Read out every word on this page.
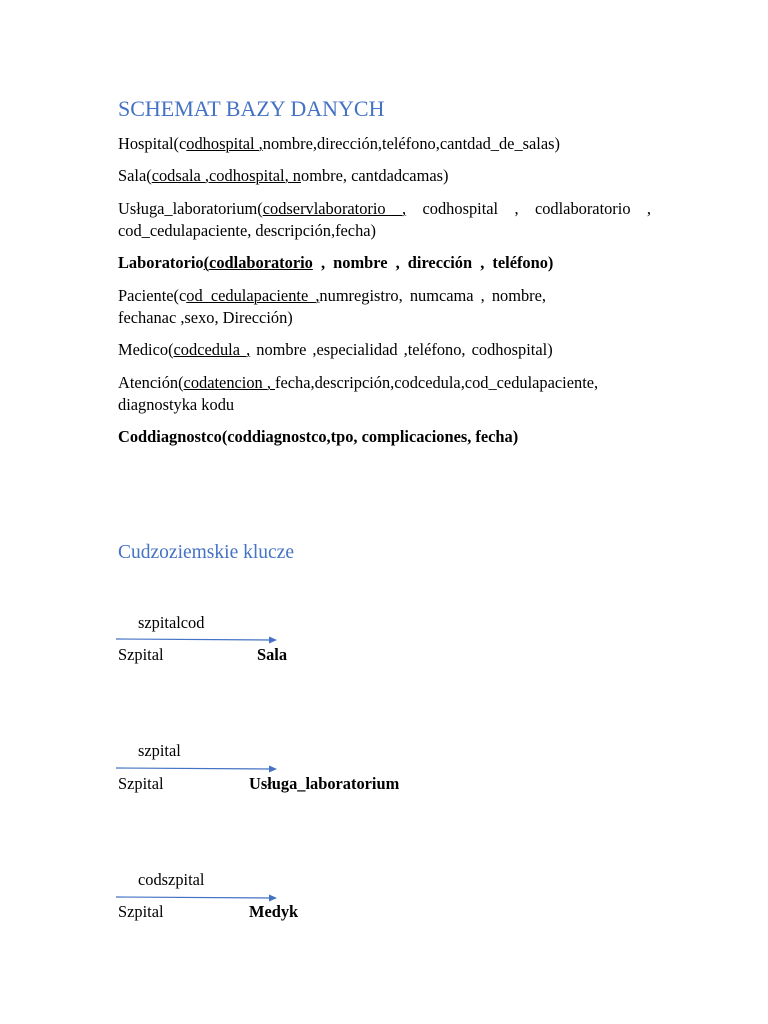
SCHEMAT BAZY DANYCH
Hospital(codhospital ,nombre,dirección,teléfono,cantdad_de_salas)
Sala(codsala ,codhospital, nombre, cantdadcamas)
Usługa_laboratorium(codservlaboratorio , codhospital , codlaboratorio ,
cod_cedulapaciente, descripción,fecha)
Laboratorio(codlaboratorio , nombre , dirección , teléfono)
Paciente(cod_cedulapaciente ,numregistro, numcama , nombre,
fechanac ,sexo, Dirección)
Medico(codcedula , nombre ,especialidad ,teléfono, codhospital)
Atención(codatencion , fecha,descripción,codcedula,cod_cedulapaciente,
diagnostyka kodu
Coddiagnostco(coddiagnostco,tpo, complicaciones, fecha)
Cudzoziemskie klucze
szpitalcod
Szpital	Sala
szpital
Szpital	Usługa_laboratorium
codszpital
Szpital	Medyk
